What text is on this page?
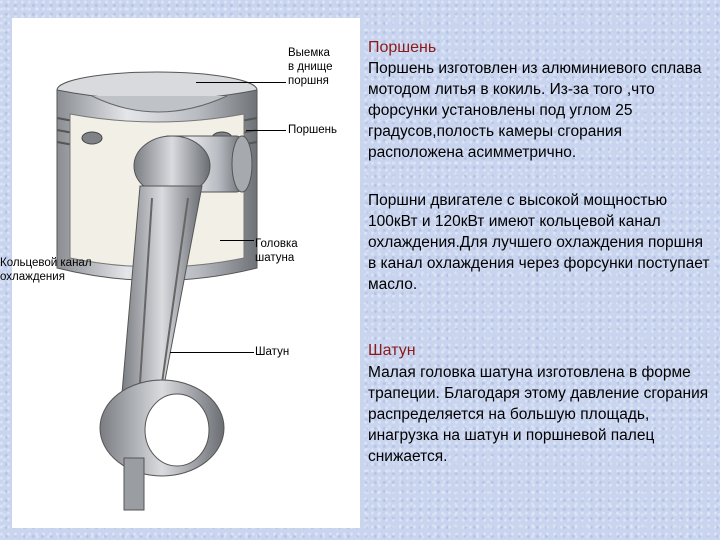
Выемка
в днище
поршня
Поршень
Кольцевой канал
охлаждения
Головка
шатуна
Шатун
Поршень
Поршень изготовлен из алюминиевого сплава мотодом литья в кокиль. Из-за того ,что форсунки установлены под углом 25 градусов,полость камеры сгорания расположена асимметрично.
Поршни двигателе с высокой мощностью 100кВт и 120кВт имеют кольцевой канал охлаждения.Для лучшего охлаждения поршня в канал охлаждения через форсунки поступает масло.
Шатун
Малая головка шатуна изготовлена в форме трапеции. Благодаря этому давление сгорания распределяется на большую площадь, инагрузка на шатун и поршневой палец снижается.
